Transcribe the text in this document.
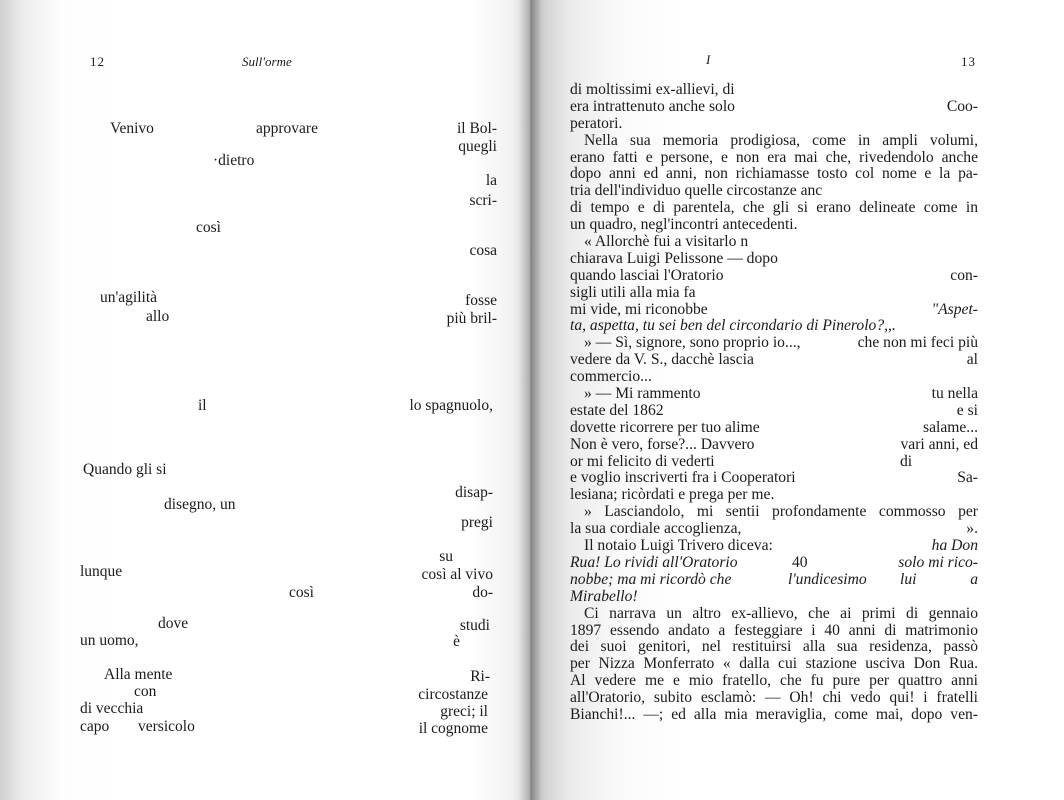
12	Sull'orme
Venivo	approvare	il Bol-
quegli
·dietro
la
scri-
così
cosa
un'agilità	fosse
allo	più bril-
il	lo spagnuolo,
Quando gli si
disap-
disegno, un
pregi
su
lunque	così al vivo
così	do-
dove	studi
un uomo,	è
Alla mente	Ri-
con	circostanze
di vecchia	greci; il
capo versicolo	il cognome
I	13
di moltissimi ex-allievi, di
era intrattenuto anche solo	Coo-
peratori.
Nella sua memoria prodigiosa, come in ampli volumi,
erano fatti e persone, e non era mai che, rivedendolo anche
dopo anni ed anni, non richiamasse tosto col nome e la pa-
tria dell'individuo quelle circostanze anc
di tempo e di parentela, che gli si erano delineate come in
un quadro, negl'incontri antecedenti.
« Allorchè fui a visitarlo n
chiarava Luigi Pelissone — dopo
quando lasciai l'Oratorio	con-
sigli utili alla mia fa
mi vide, mi riconobbe	"Aspet-
ta, aspetta, tu sei ben del circondario di Pinerolo?,,.
» — Sì, signore, sono proprio io...,	che non mi feci più
vedere da V. S., dacchè lascia	al
commercio...
» — Mi rammento	tu nella
estate del 1862	e si
dovette ricorrere per tuo alime	salame...
Non è vero, forse?... Davvero	vari anni, ed
or mi felicito di vederti	di
e voglio inscriverti fra i Cooperatori	Sa-
lesiana; ricòrdati e prega per me.
» Lasciandolo, mi sentii profondamente commosso per
la sua cordiale accoglienza,	».
Il notaio Luigi Trivero diceva:	ha Don
Rua! Lo rividi all'Oratorio	40	solo mi rico-
nobbe; ma mi ricordò che	l'undicesimo lui	a
Mirabello!
Ci narrava un altro ex-allievo, che ai primi di gennaio
1897 essendo andato a festeggiare i 40 anni di matrimonio
dei suoi genitori, nel restituirsi alla sua residenza, passò
per Nizza Monferrato « dalla cui stazione usciva Don Rua.
Al vedere me e mio fratello, che fu pure per quattro anni
all'Oratorio, subito esclamò: — Oh! chi vedo qui! i fratelli
Bianchi!... —; ed alla mia meraviglia, come mai, dopo ven-
